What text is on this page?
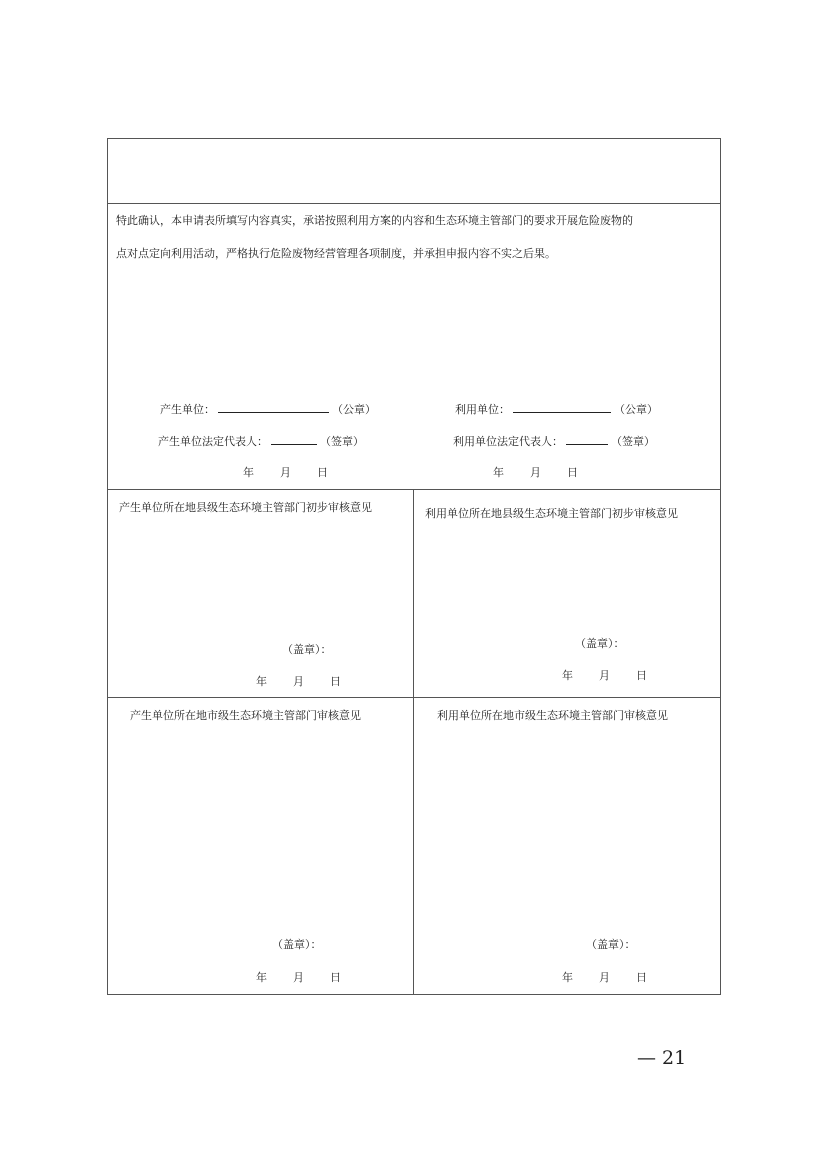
特此确认，本申请表所填写内容真实，承诺按照利用方案的内容和生态环境主管部门的要求开展危险废物的
点对点定向利用活动，严格执行危险废物经营管理各项制度，并承担申报内容不实之后果。
产生单位：	（公章）
产生单位法定代表人：	（签章）
年 月 日
利用单位：	（公章）
利用单位法定代表人：	（签章）
年 月 日
产生单位所在地县级生态环境主管部门初步审核意见
（盖章）：
年 月 日
利用单位所在地县级生态环境主管部门初步审核意见
（盖章）：
年 月 日
产生单位所在地市级生态环境主管部门审核意见
（盖章）：
年 月 日
利用单位所在地市级生态环境主管部门审核意见
（盖章）：
年 月 日
— 21
